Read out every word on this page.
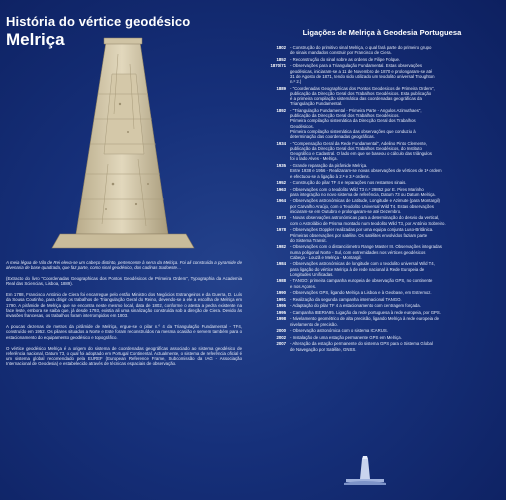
História do vértice geodésico
Melriça

A meia légua de Vila de Rei eleva-se um cabeço distinto, pertencente à serra da Melriça. Foi ali construída a pyramide de alvenaria de base quadrada, que faz parte, como sinal geodésico, dos cadinas Sudoeste…

(Extracto do livro "Coordenadas Geographicas dos Pontos Geodésicos de Primeira Ordem", Typographia da Academia Real das Sciencias, Lisboa, 1889).

Em 1788, Francisco António de Ciera foi encarregue pelo então Ministro dos Negócios Estrangeiros e da Guerra, D. Luís da Sousa Coutinho, para dirigir os trabalhos de Triangulação Geral do Reino, devendo-se a ele a escolha de Melriça em 1790. A pirâmide de Melriça que se encontra neste mesmo local, data de 1802, conforme o atesta a pedra existente na face leste, embora se saiba que, já desde 1793, existia ali uma sinalização construída sob a direção de Ciera. Devido às invasões francesas, os trabalhos foram interrompidos em 1803.

A poucas dezenas de metros da pirâmide de Melriça, ergue-se o pilar n.º 4 da Triangulação Fundamental - TF4, construído em 1952. Os pilares situados a Norte e Este foram reconstruídos na mesma ocasião e servem também para o estacionamento do equipamento geodésico e topográfico.

O vértice geodésico Melriça é a origem do sistema de coordenadas geográficas associado ao sistema geodésico de referência nacional, Datum 73, o qual foi adoptado em Portugal Continental. Actualmente, o sistema de referência oficial é um sistema global recomendado pela EUREF (European Reference Frame, Subcomissão da IAG - Associação Internacional de Geodesia) e estabelecido através de técnicas espaciais de observação.

Ligações de Melriça à Geodesia Portuguesa
1802 - Construção do primitivo sinal Melriça, o qual fará parte do primeiro grupo
de sinais mandados construir por Francisco de Ciera.
1852 - Reconstrução do sinal sobre as ordens de Filipe Folque.
1870/71 - Observações para a Triangulação Fundamental. Estas observações
geodésicas, iniciaram-se a 11 de Novembro de 1870 e prolongaram-se até
31 de Agosto de 1871, tendo sido utilizado um teodolito universal Troughton
n.º 2.)
1889 - "Coordenadas Geographicas dos Pontos Geodesicos de Primeira Ordem",
publicação da Direcção Geral dos Trabalhos Geodésicos. Esta publicação
é a primeira compilação sistemática das coordenadas geográficas da
Triangulação Fundamental.
1892 - "Triangulação Fundamental - Primeira Parte - Angulos Azimuthaes",
publicação da Direcção Geral dos Trabalhos Geodésicos.
Primeira compilação sistemática da Direcção Geral dos Trabalhos
Geodésicos.
Primeira compilação sistemática das observações que conduziu à
determinação das coordenadas geográficas.
1934 - "Compensação Geral da Rede Fundamental", Adelino Pinto Clemente,
publicação da Direcção Geral dos Trabalhos Geodésicos, do Instituto
Geográfico e Cadastral. O lado em que se baseou o cálculo das triângulos
foi o lado Alves - Melriça.
1935 - Grande reparação da pirâmide Melriça.
Entre 1938 e 1956 - Realizaram-se novas observações de vértices de 1ª ordem
e efectuou-se a ligação à 2.ª e 3.ª ordens.
1952 - Construção do pilar TF 4 e reparações nos restantes sinais.
1963 - Observações com o teodolito Wild T3 n.º 29852 por E. Pires Marinho
para integração no novo sistema de referência, Datum 73 ou Datum Melriça.
1964 - Observações astronómicas de Latitude, Longitude e Azimute (para Montargil)
por Carvalho Araújo, com o Teodolito Universal Wild T4. Estas observações
iniciaram-se em Outubro e prolongaram-se até Dezembro.
1973 - Novas observações astronómicas para a determinação do desvio da vertical,
com o Astrolábio de Prisma montado num teodolito Wild T3, por António Sobreiro.
1978 - Observações Doppler realizadas por uma equipa conjunta Luso-Britânica.
Primeiras observações por satélite. Os satélites envolvidos faziam parte
do Sistema Transit.
1982 - Observações com o distanciómetro Range Master III. Observações integradas
numa poligonal Norte - Sul, com extremidades nos vértices geodésicos
Cabeça - Louzã e Melriça - Montargil.
1984 - Observações astronómicas de longitude com o teodolito universal Wild T4,
para ligação do vértice Melriça à de rede nacional à Rede Europeia de
Longitudes Unificadas.
1988 - TANGO: primeira campanha europeia de observação GPS, no continente
e nos Açores.
1990 - Observações GPS, ligando Melriça a Lisboa e à Geobase, em Estremoz.
1991 - Realização da segunda campanha internacional TANGO.
1995 - Adaptação do pilar TF 4 a estacionamento com centragem forçada.
1995 - Campanha IBERIA95. Ligação da rede portuguesa à rede europeia, por GPS.
1998 - Nivelamento geométrico de alta precisão, ligando Melriça à rede europeia de
nivelamento de precisão.
2000 - Observação astronómica com o sistema ICARUS.
2002 - Instalação de uma estação permanente GPS em Melriça.
2007 - Alteração da estação permanente do sistema GPS para o Sistema Global
de Navegação por Satélite, GNSS.
